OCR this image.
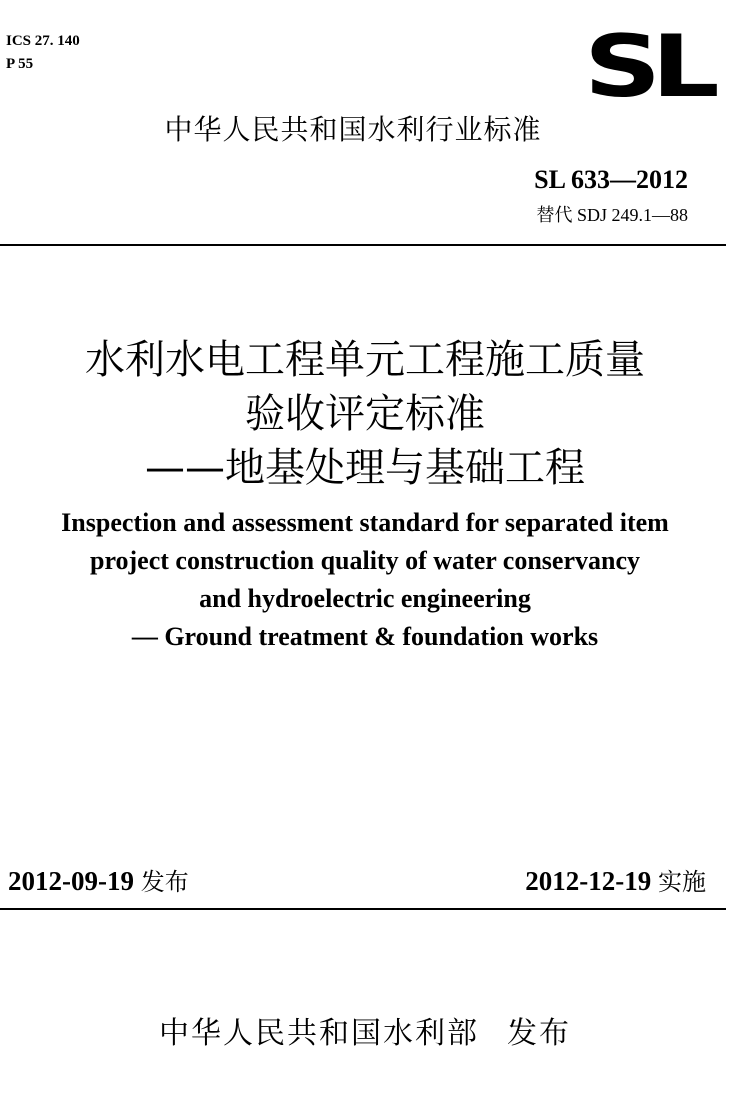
ICS 27. 140
P 55	SL
中华人民共和国水利行业标准
SL 633—2012
替代 SDJ 249.1—88
水利水电工程单元工程施工质量
验收评定标准
——地基处理与基础工程
Inspection and assessment standard for separated item
project construction quality of water conservancy
and hydroelectric engineering
— Ground treatment & foundation works
2012-09-19 发布	2012-12-19 实施
中华人民共和国水利部 发布
